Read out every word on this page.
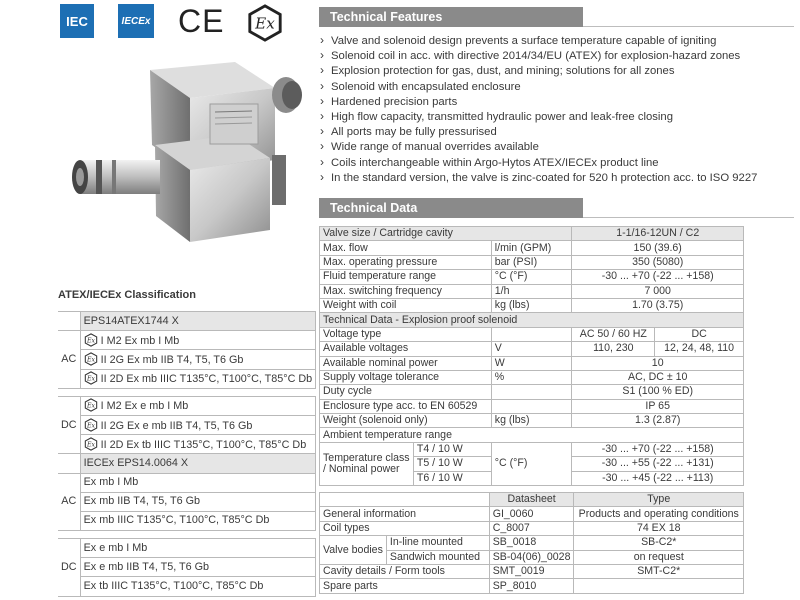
IEC	IECEx CE Ex	Technical Features
› Valve and solenoid design prevents a surface temperature capable of igniting
› Solenoid coil in acc. with directive 2014/34/EU (ATEX) for explosion-hazard zones
› Explosion protection for gas, dust, and mining; solutions for all zones
› Solenoid with encapsulated enclosure
› Hardened precision parts
› High flow capacity, transmitted hydraulic power and leak-free closing
› All ports may be fully pressurised
› Wide range of manual overrides available
› Coils interchangeable within Argo-Hytos ATEX/IECEx product line
› In the standard version, the valve is zinc-coated for 520 h protection acc. to ISO 9227
Technical Data
Valve size / Cartridge cavity			1-1/16-12UN / C2	
Max. flow		l/min (GPM)	150 (39.6)	
Max. operating pressure		bar (PSI)	350 (5080)	
Fluid temperature range		°C (°F)	-30 ... +70 (-22 ... +158)	
Max. switching frequency		1/h	7 000	
Weight with coil		kg (lbs)	1.70 (3.75)	
Technical Data - Explosion proof solenoid				
Voltage type			AC 50 / 60 HZ	DC
Available voltages		V	110, 230	12, 24, 48, 110
Available nominal power		W	10	
Supply voltage tolerance		%	AC, DC ± 10	
Duty cycle			S1 (100 % ED)	
Enclosure type acc. to EN 60529			IP 65	
Weight (solenoid only)		kg (lbs)	1.3 (2.87)	
Ambient temperature range				
Temperature class / Nominal power	T4 / 10 W	°C (°F)	-30 ... +70 (-22 ... +158)	
	T5 / 10 W		-30 ... +55 (-22 ... +131)	
	T6 / 10 W		-30 ... +45 (-22 ... +113)	
		Datasheet	Type
General information		GI_0060	Products and operating conditions
Coil types		C_8007	74 EX 18
Valve bodies	In-line mounted	SB_0018	SB-C2*
	Sandwich mounted	SB-04(06)_0028	on request
Cavity details / Form tools		SMT_0019	SMT-C2*
Spare parts		SP_8010	
ATEX/IECEx Classification
	EPS14ATEX1744 X
AC	Ex I M2 Ex mb I Mb

Ex II 2G Ex mb IIB T4, T5, T6 Gb

Ex II 2D Ex mb IIIC T135°C, T100°C, T85°C Db

DC	Ex I M2 Ex e mb I Mb

Ex II 2G Ex e mb IIB T4, T5, T6 Gb

Ex II 2D Ex tb IIIC T135°C, T100°C, T85°C Db
	IECEx EPS14.0064 X
AC	Ex mb I Mb
	Ex mb IIB T4, T5, T6 Gb
	Ex mb IIIC T135°C, T100°C, T85°C Db

DC	Ex e mb I Mb
	Ex e mb IIB T4, T5, T6 Gb
	Ex tb IIIC T135°C, T100°C, T85°C Db
